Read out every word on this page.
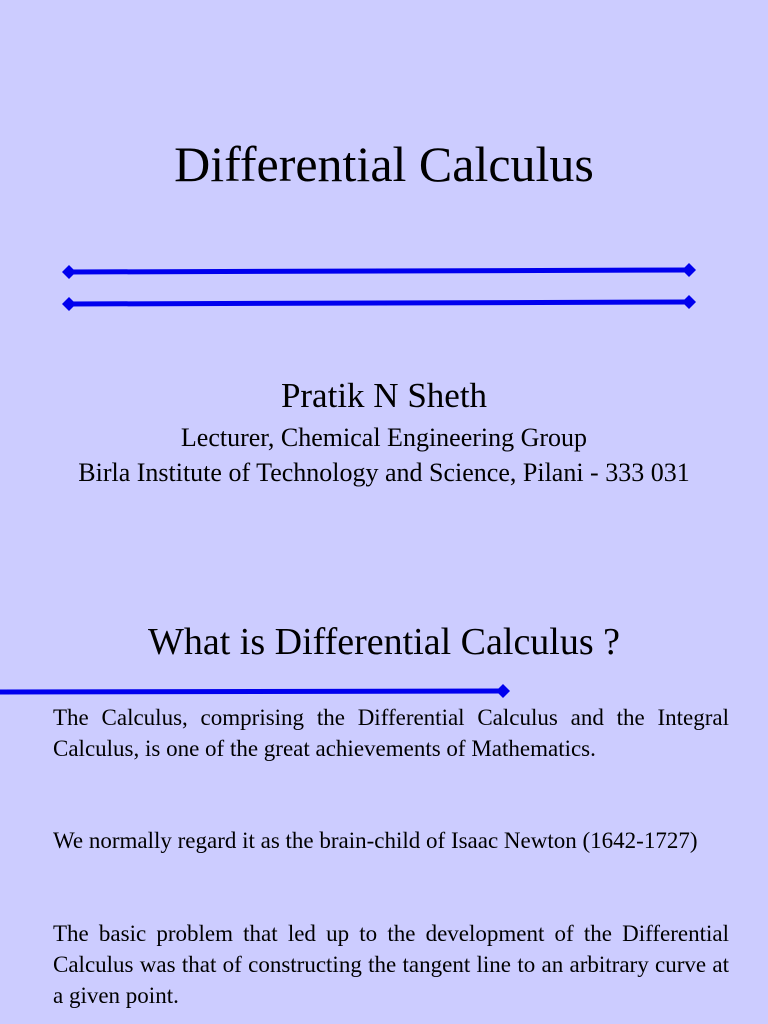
Differential Calculus
Pratik N Sheth

Lecturer, Chemical Engineering Group

Birla Institute of Technology and Science, Pilani - 333 031

What is Differential Calculus ?

The Calculus, comprising the Differential Calculus and the Integral Calculus, is one of the great achievements of Mathematics.

We normally regard it as the brain-child of Isaac Newton (1642-1727)

The basic problem that led up to the development of the Differential Calculus was that of constructing the tangent line to an arbitrary curve at a given point.
